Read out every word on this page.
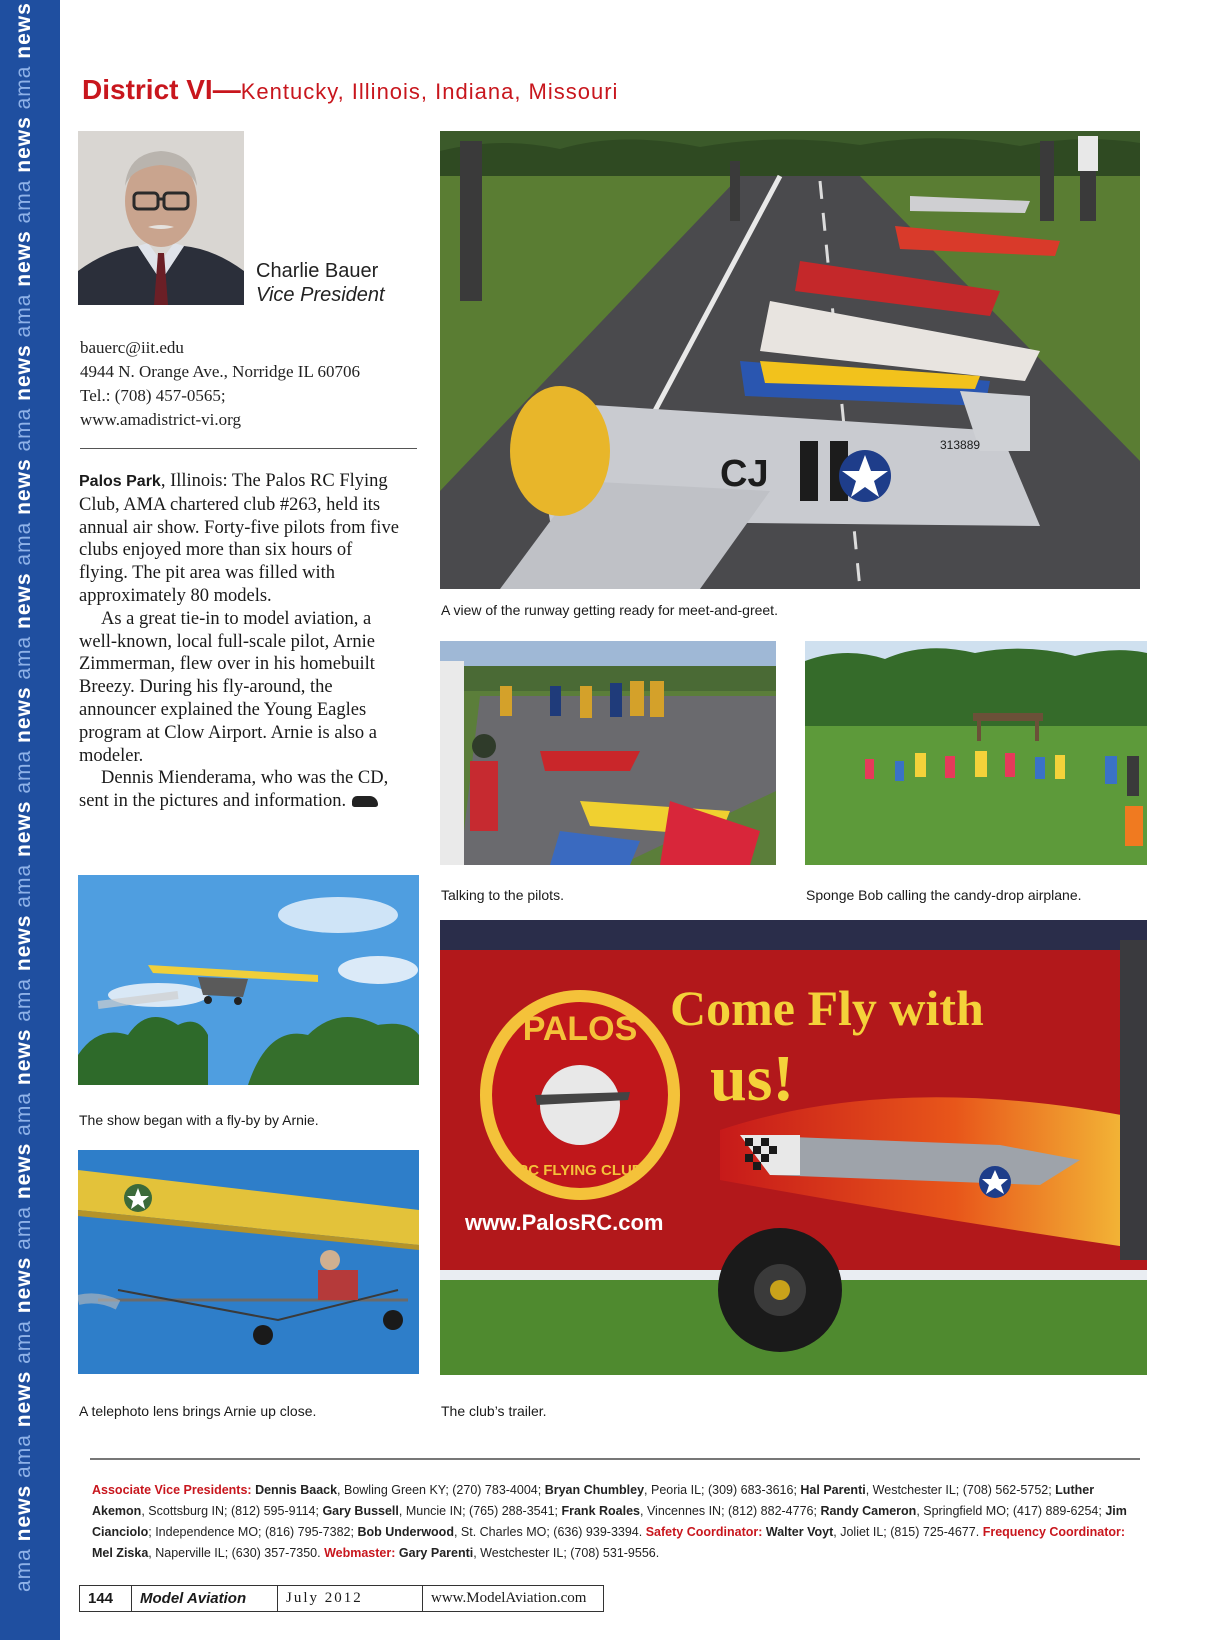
ama news ama news ama news ama news ama news ama news ama news ama news ama news ama news ama news ama news ama news ama news
District VI—Kentucky, Illinois, Indiana, Missouri
Charlie Bauer
Vice President
bauerc@iit.edu
4944 N. Orange Ave., Norridge IL 60706
Tel.: (708) 457-0565;
www.amadistrict-vi.org

Palos Park, Illinois: The Palos RC Flying Club, AMA chartered club #263, held its annual air show. Forty-five pilots from five clubs enjoyed more than six hours of flying. The pit area was filled with approximately 80 models.

As a great tie-in to model aviation, a well-known, local full-scale pilot, Arnie Zimmerman, flew over in his homebuilt Breezy. During his fly-around, the announcer explained the Young Eagles program at Clow Airport. Arnie is also a modeler.

Dennis Mienderama, who was the CD, sent in the pictures and information.

CJ
313889
A view of the runway getting ready for meet-and-greet.
Talking to the pilots.	Sponge Bob calling the candy-drop airplane.
The show began with a fly-by by Arnie.
A telephoto lens brings Arnie up close.
PALOS
RC FLYING CLUB
Come Fly with
us!
www.PalosRC.com
The club’s trailer.
Associate Vice Presidents: Dennis Baack, Bowling Green KY; (270) 783-4004; Bryan Chumbley, Peoria IL; (309) 683-3616; Hal Parenti, Westchester IL; (708) 562-5752; Luther Akemon, Scottsburg IN; (812) 595-9114; Gary Bussell, Muncie IN; (765) 288-3541; Frank Roales, Vincennes IN; (812) 882-4776; Randy Cameron, Springfield MO; (417) 889-6254; Jim Cianciolo; Independence MO; (816) 795-7382; Bob Underwood, St. Charles MO; (636) 939-3394. Safety Coordinator: Walter Voyt, Joliet IL; (815) 725-4677. Frequency Coordinator: Mel Ziska, Naperville IL; (630) 357-7350. Webmaster: Gary Parenti, Westchester IL; (708) 531-9556.
144	Model Aviation	July 2012	www.ModelAviation.com
